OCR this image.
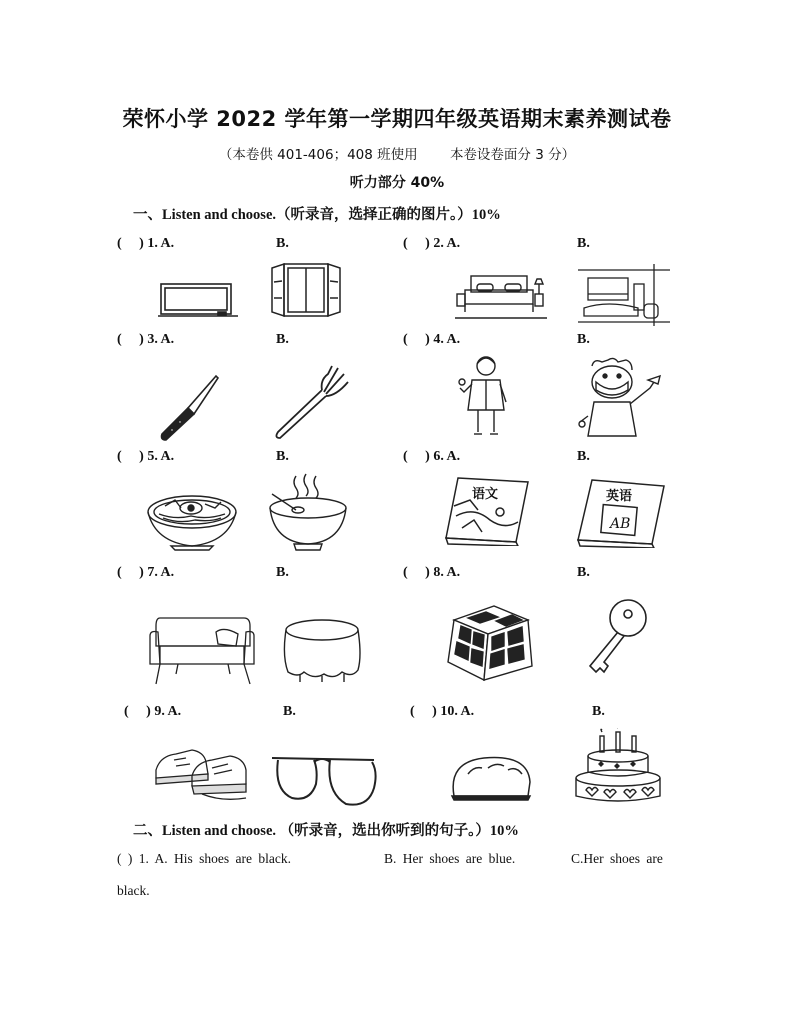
荣怀小学 2022 学年第一学期四年级英语期末素养测试卷
（本卷供 401-406；408 班使用 本卷设卷面分 3 分）
听力部分 40%
一、Listen and choose.（听录音，选择正确的图片。）10%
(     ) 1. A.	B.	(     ) 2. A.	B.
(     ) 3. A.	B.	(     ) 4. A.	B.
(     ) 5. A.	B.	(     ) 6. A.	B.
语文	英语
AB
(     ) 7. A.	B.	(     ) 8. A.	B.
(     ) 9. A.	B.	(     ) 10. A.	B.
二、Listen and choose. （听录音，选出你听到的句子。）10%
( ) 1. A. His shoes are black.	B. Her shoes are blue.	C.Her shoes are
black.
